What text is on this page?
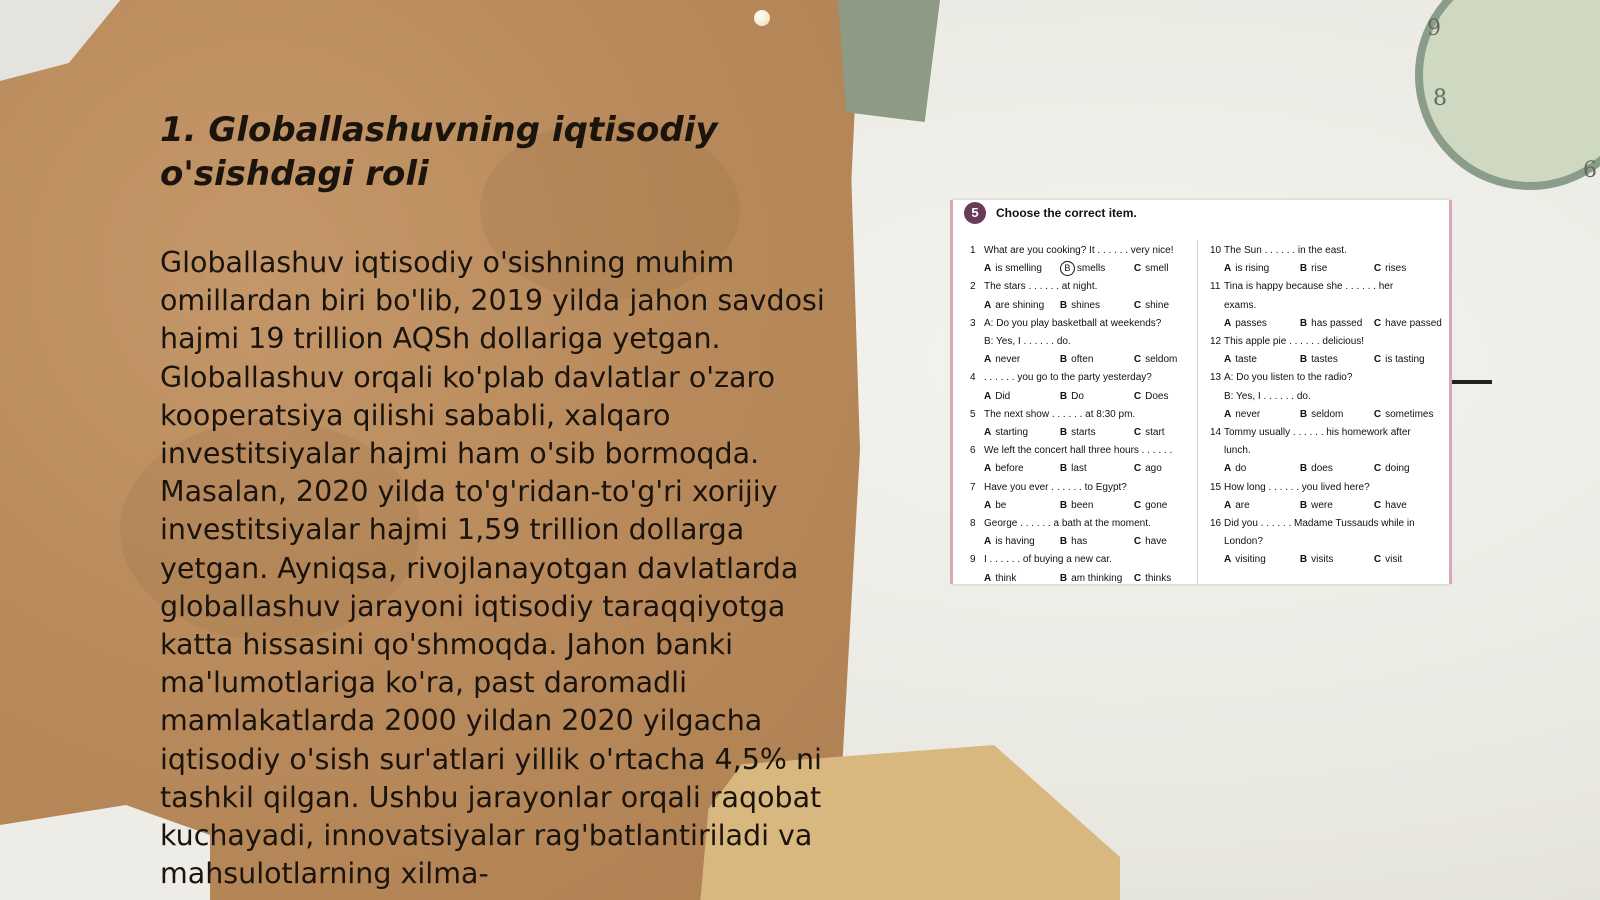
9
8
6
1. Globallashuvning iqtisodiy o'sishdagi roli

Globallashuv iqtisodiy o'sishning muhim omillardan biri bo'lib, 2019 yilda jahon savdosi hajmi 19 trillion AQSh dollariga yetgan. Globallashuv orqali ko'plab davlatlar o'zaro kooperatsiya qilishi sababli, xalqaro investitsiyalar hajmi ham o'sib bormoqda. Masalan, 2020 yilda to'g'ridan-to'g'ri xorijiy investitsiyalar hajmi 1,59 trillion dollarga yetgan. Ayniqsa, rivojlanayotgan davlatlarda globallashuv jarayoni iqtisodiy taraqqiyotga katta hissasini qo'shmoqda. Jahon banki ma'lumotlariga ko'ra, past daromadli mamlakatlarda 2000 yildan 2020 yilgacha iqtisodiy o'sish sur'atlari yillik o'rtacha 4,5% ni tashkil qilgan. Ushbu jarayonlar orqali raqobat kuchayadi, innovatsiyalar rag'batlantiriladi va mahsulotlarning xilma-

5	Choose the correct item.
1 What are you cooking? It . . . . . . very nice!
A is smelling	B smells	C smell
2 The stars . . . . . . at night.
A are shining	B shines	C shine
3 A: Do you play basketball at weekends?
B: Yes, I . . . . . . do.
A never	B often	C seldom
4 . . . . . . you go to the party yesterday?
A Did	B Do	C Does
5 The next show . . . . . . at 8:30 pm.
A starting	B starts	C start
6 We left the concert hall three hours . . . . . .
A before	B last	C ago
7 Have you ever . . . . . . to Egypt?
A be	B been	C gone
8 George . . . . . . a bath at the moment.
A is having	B has	C have
9 I . . . . . . of buying a new car.
A think	B am thinking	C thinks
10 The Sun . . . . . . in the east.
A is rising	B rise	C rises
11 Tina is happy because she . . . . . . her
exams.
A passes	B has passed	C have passed
12 This apple pie . . . . . . delicious!
A taste	B tastes	C is tasting
13 A: Do you listen to the radio?
B: Yes, I . . . . . . do.
A never	B seldom	C sometimes
14 Tommy usually . . . . . . his homework after
lunch.
A do	B does	C doing
15 How long . . . . . . you lived here?
A are	B were	C have
16 Did you . . . . . . Madame Tussauds while in
London?
A visiting	B visits	C visit
